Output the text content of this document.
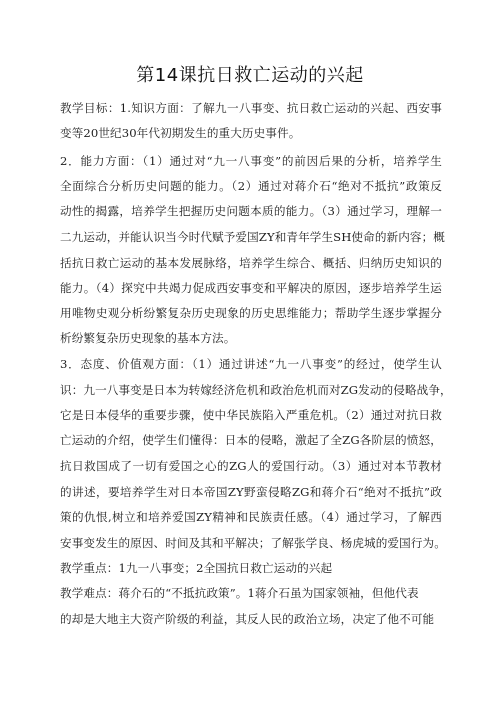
第14课抗日救亡运动的兴起
教学目标：1.知识方面：了解九一八事变、抗日救亡运动的兴起、西安事
变等20世纪30年代初期发生的重大历史事件。
2．能力方面：（1）通过对“九一八事变”的前因后果的分析，培养学生
全面综合分析历史问题的能力。（2）通过对蒋介石“绝对不抵抗”政策反
动性的揭露，培养学生把握历史问题本质的能力。（3）通过学习，理解一
二九运动，并能认识当今时代赋予爱国ZY和青年学生SH使命的新内容；概
括抗日救亡运动的基本发展脉络，培养学生综合、概括、归纳历史知识的
能力。（4）探究中共竭力促成西安事变和平解决的原因，逐步培养学生运
用唯物史观分析纷繁复杂历史现象的历史思维能力；帮助学生逐步掌握分
析纷繁复杂历史现象的基本方法。
3．态度、价值观方面：（1）通过讲述“九一八事变”的经过，使学生认
识：九一八事变是日本为转嫁经济危机和政治危机而对ZG发动的侵略战争，
它是日本侵华的重要步骤，使中华民族陷入严重危机。（2）通过对抗日救
亡运动的介绍，使学生们懂得：日本的侵略，激起了全ZG各阶层的愤怒，
抗日救国成了一切有爱国之心的ZG人的爱国行动。（3）通过对本节教材
的讲述，要培养学生对日本帝国ZY野蛮侵略ZG和蒋介石“绝对不抵抗”政
策的仇恨,树立和培养爱国ZY精神和民族责任感。（4）通过学习，了解西
安事变发生的原因、时间及其和平解决；了解张学良、杨虎城的爱国行为。
教学重点：1九一八事变；2全国抗日救亡运动的兴起
教学难点：蒋介石的“不抵抗政策”。1蒋介石虽为国家领袖，但他代表
的却是大地主大资产阶级的利益，其反人民的政治立场，决定了他不可能
